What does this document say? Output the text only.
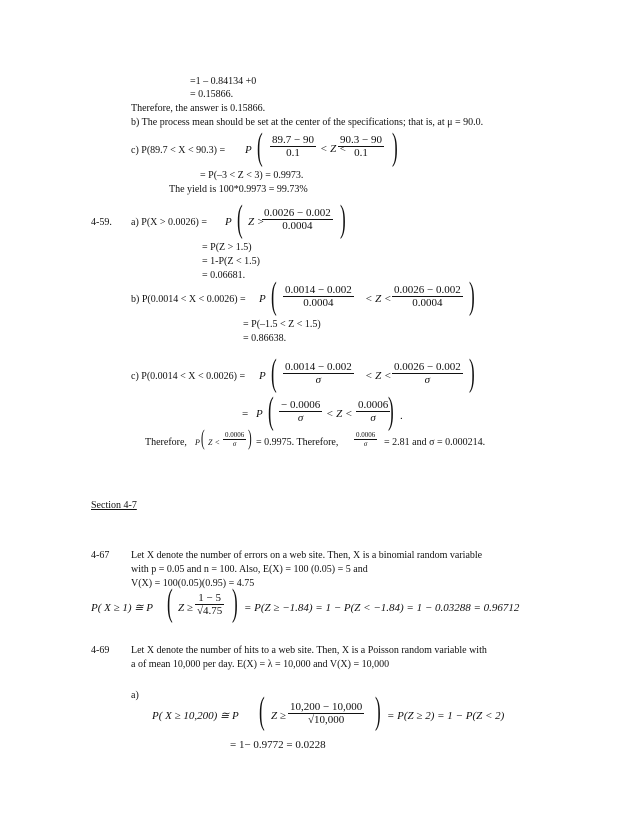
=1 – 0.84134 +0
= 0.15866.
Therefore, the answer is 0.15866.
b) The process mean should be set at the center of the specifications; that is, at μ = 90.0.
c) P(89.7 < X < 90.3) = P ( $\frac{89.7 - 90}{0.1} < Z$ <
$\frac{90.3 - 90}{0.1}$ )
= P(–3 < Z < 3) = 0.9973.
The yield is 100*0.9973 = 99.73%
4-59. a) P(X > 0.0026) = P ( Z >
$\frac{0.0026 - 0.002}{0.0004}$ )
= P(Z > 1.5)
= 1-P(Z < 1.5)
= 0.06681.
b) P(0.0014 < X < 0.0026) = P ( $\frac{0.0014 - 0.002}{0.0004} < Z < \frac{0.0026 - 0.002}{0.0004}$ )
= P(–1.5 < Z < 1.5)
= 0.86638.
c) P(0.0014 < X < 0.0026) = P ( $\frac{0.0014 - 0.002}{\sigma} < Z < \frac{0.0026 - 0.002}{\sigma}$ )
= P ( $\frac{- 0.0006}{\sigma} < Z < \frac{0.0006}{\sigma}$
) .
Therefore, P ( $Z < \frac{0.0006}{\sigma}$ ) = 0.9975. Therefore, $\frac{0.0006}{\sigma} = 2.81$ and σ = 0.000214.
Section 4-7
4-67 Let X denote the number of errors on a web site. Then, X is a binomial random variable
with p = 0.05 and n = 100. Also, E(X) = 100 (0.05) = 5 and
V(X) = 100(0.05)(0.95) = 4.75
P( X ≥ 1) ≅ P ( $Z \ge \frac{1 - 5}{√4.75}$ ) = P(Z ≥ −1.84) = 1 − P(Z < −1.84) = 1 − 0.03288 = 0.96712
4-69 Let X denote the number of hits to a web site. Then, X is a Poisson random variable with
a of mean 10,000 per day. E(X) = λ = 10,000 and V(X) = 10,000
a)
P( X ≥ 10,200) ≅ P ( $Z \ge \frac{10,200 - 10,000}{√10,000}$ ) = P(Z ≥ 2) = 1 − P(Z < 2)
= 1− 0.9772 = 0.0228
